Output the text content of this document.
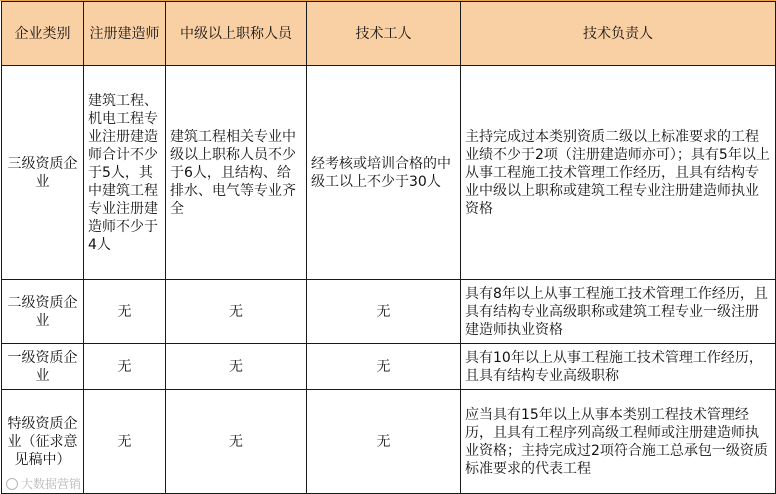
企业类别	注册建造师	中级以上职称人员	技术工人	技术负责人
三级资质企业	建筑工程、机电工程专业注册建造师合计不少于5人，其中建筑工程专业注册建造师不少于4人	建筑工程相关专业中级以上职称人员不少于6人，且结构、给排水、电气等专业齐全	经考核或培训合格的中级工以上不少于30人	主持完成过本类别资质二级以上标准要求的工程业绩不少于2项（注册建造师亦可）；具有5年以上从事工程施工技术管理工作经历，且具有结构专业中级以上职称或建筑工程专业注册建造师执业资格
二级资质企业	无	无	无	具有8年以上从事工程施工技术管理工作经历，且具有结构专业高级职称或建筑工程专业一级注册建造师执业资格
一级资质企业	无	无	无	具有10年以上从事工程施工技术管理工作经历，且具有结构专业高级职称
特级资质企业（征求意见稿中）	无	无	无	应当具有15年以上从事本类别工程技术管理经历，且具有工程序列高级工程师或注册建造师执业资格；主持完成过2项符合施工总承包一级资质标准要求的代表工程
大数据营销
